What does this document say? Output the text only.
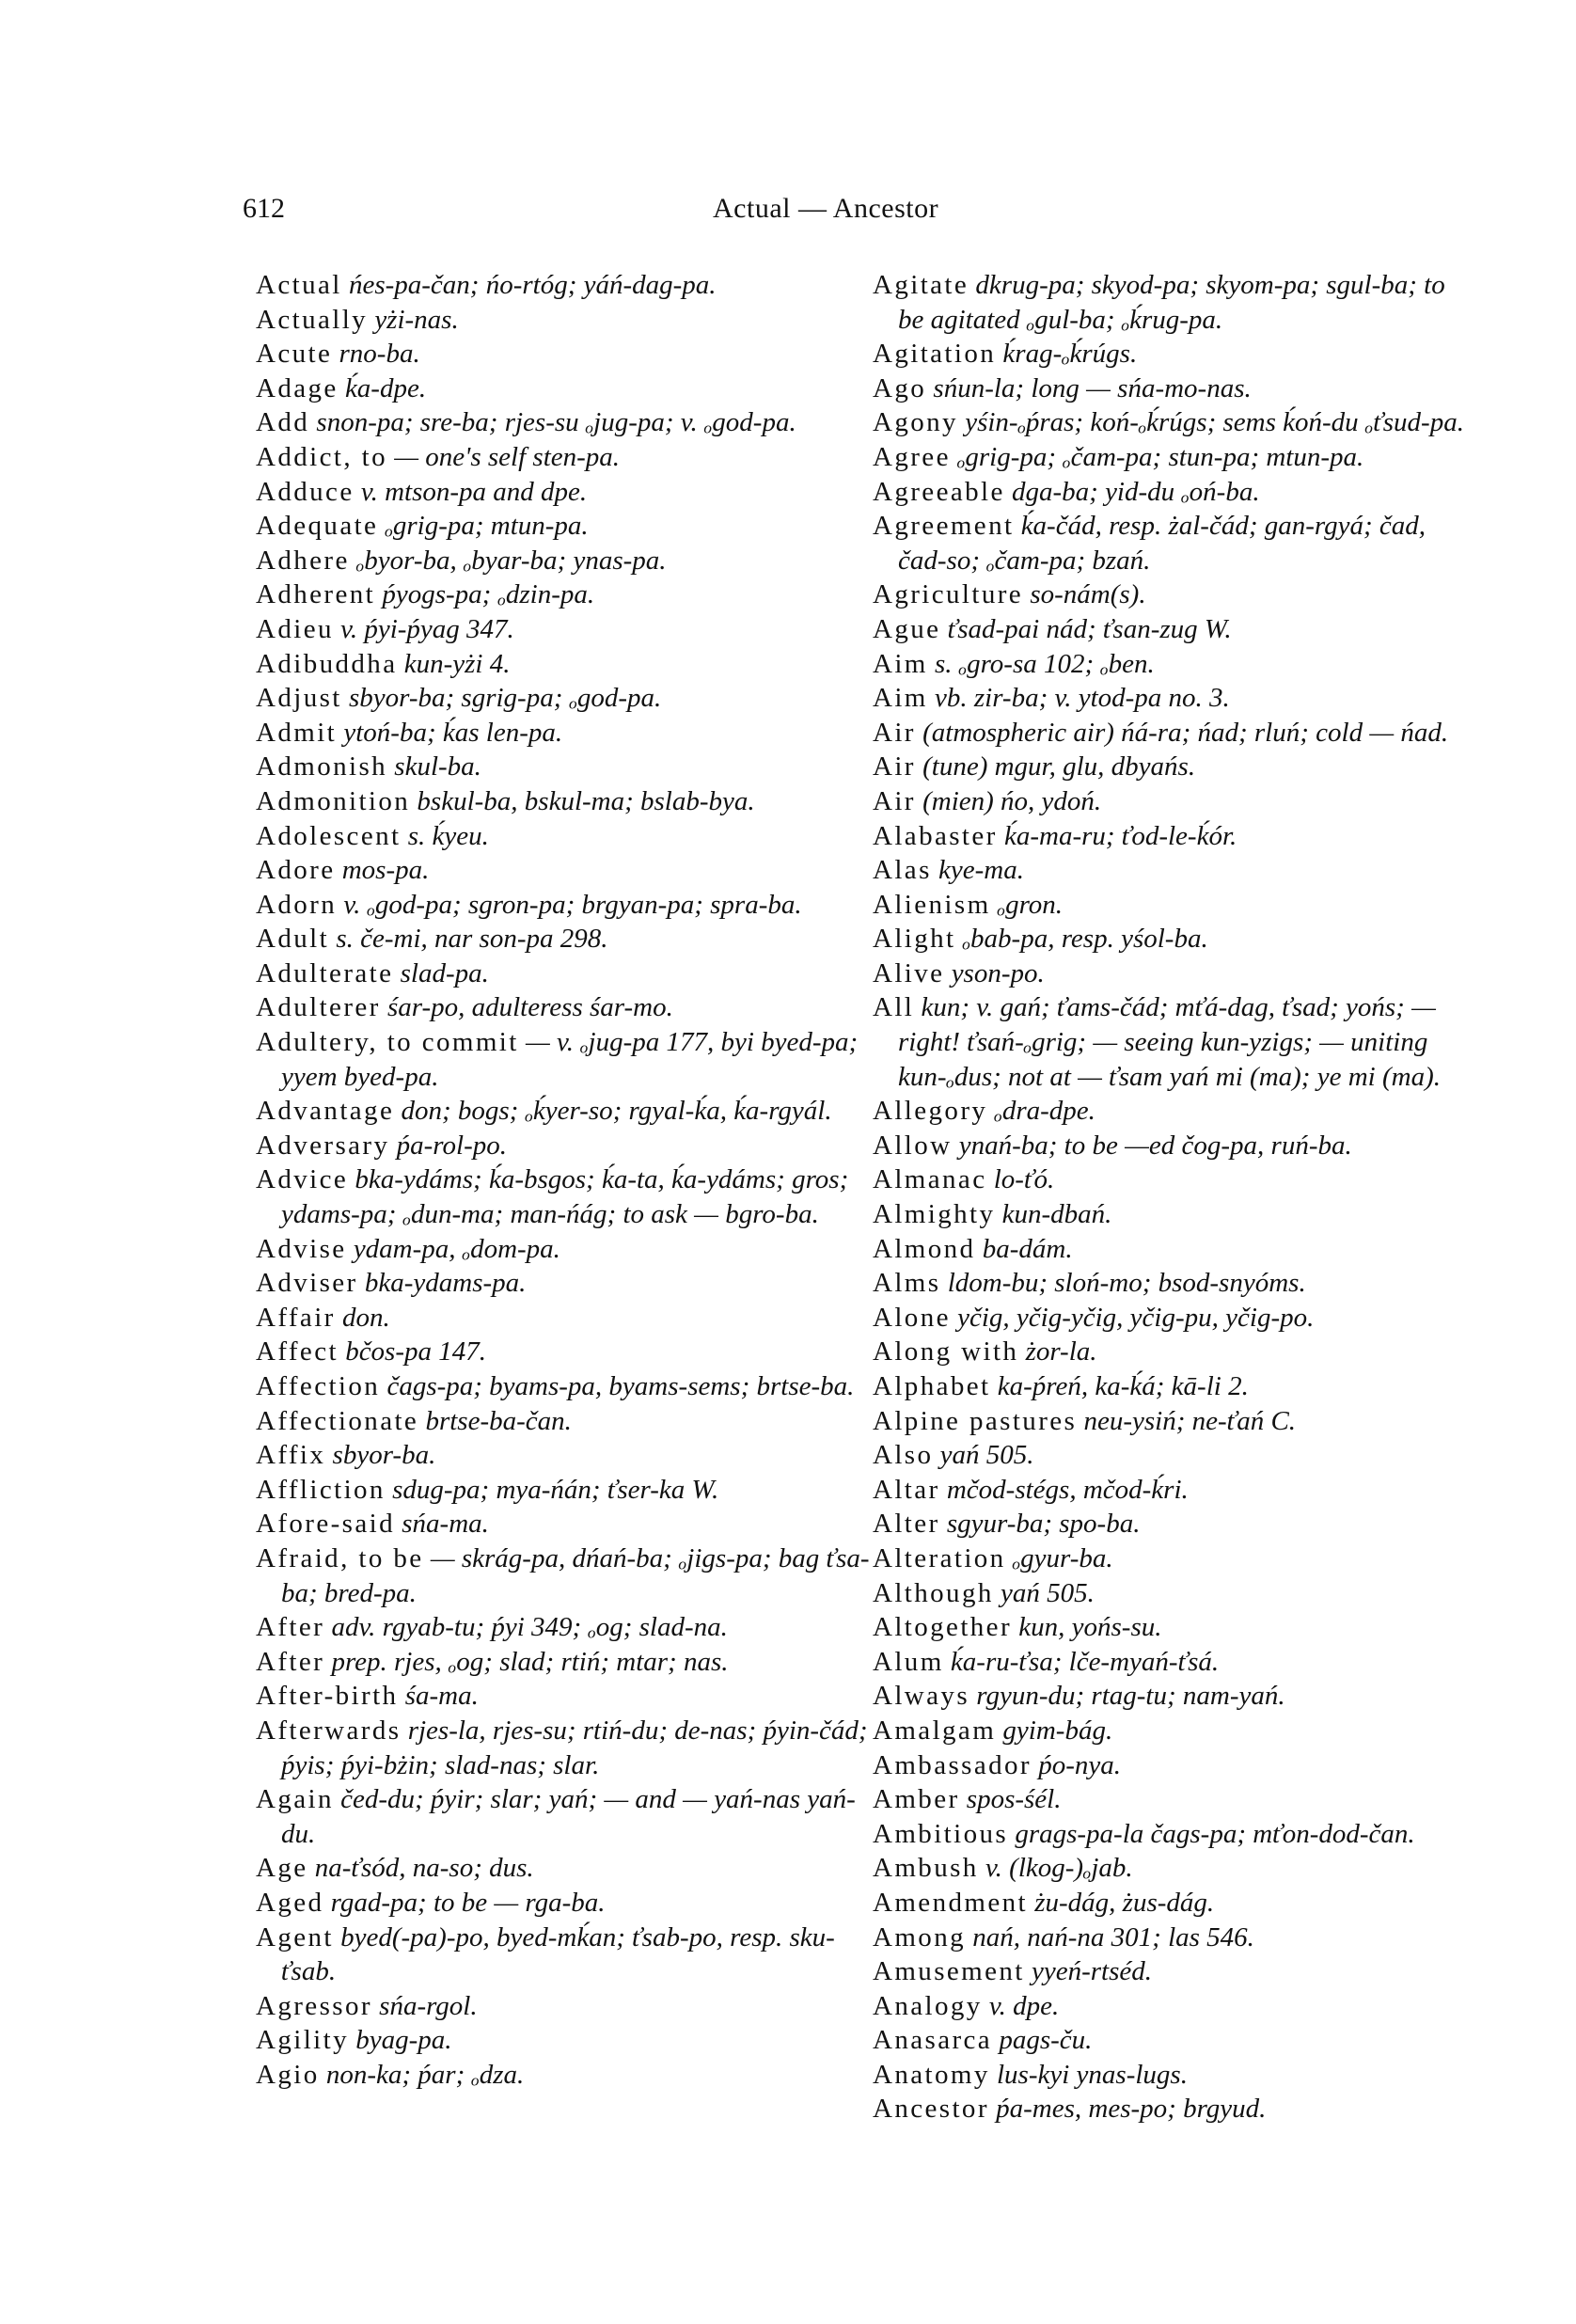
612	Actual — Ancestor

Actual ńes-pa-čan; ńo-rtóg; yáń-dag-pa.

Actually yżi-nas.

Acute rno-ba.

Adage ḱa-dpe.

Add snon-pa; sre-ba; rjes-su ₒjug-pa; v. ₒgod-pa.

Addict, to — one's self sten-pa.

Adduce v. mtson-pa and dpe.

Adequate ₒgrig-pa; mtun-pa.

Adhere ₒbyor-ba, ₒbyar-ba; ynas-pa.

Adherent ṕyogs-pa; ₒdzin-pa.

Adieu v. ṕyi-ṕyag 347.

Adibuddha kun-yżi 4.

Adjust sbyor-ba; sgrig-pa; ₒgod-pa.

Admit ytoń-ba; ḱas len-pa.

Admonish skul-ba.

Admonition bskul-ba, bskul-ma; bslab-bya.

Adolescent s. ḱyeu.

Adore mos-pa.

Adorn v. ₒgod-pa; sgron-pa; brgyan-pa; spra-ba.

Adult s. če-mi, nar son-pa 298.

Adulterate slad-pa.

Adulterer śar-po, adulteress śar-mo.

Adultery, to commit — v. ₒjug-pa 177, byi byed-pa; yyem byed-pa.

Advantage don; bogs; ₒḱyer-so; rgyal-ḱa, ḱa-rgyál.

Adversary ṕa-rol-po.

Advice bka-ydáms; ḱa-bsgos; ḱa-ta, ḱa-ydáms; gros; ydams-pa; ₒdun-ma; man-ńág; to ask — bgro-ba.

Advise ydam-pa, ₒdom-pa.

Adviser bka-ydams-pa.

Affair don.

Affect bčos-pa 147.

Affection čags-pa; byams-pa, byams-sems; brtse-ba.

Affectionate brtse-ba-čan.

Affix sbyor-ba.

Affliction sdug-pa; mya-ńán; ťser-ka W.

Afore-said sńa-ma.

Afraid, to be — skrág-pa, dńań-ba; ₒjigs-pa; bag ťsa-ba; bred-pa.

After adv. rgyab-tu; ṕyi 349; ₒog; slad-na.

After prep. rjes, ₒog; slad; rtiń; mtar; nas.

After-birth śa-ma.

Afterwards rjes-la, rjes-su; rtiń-du; de-nas; ṕyin-čád; ṕyis; ṕyi-bżin; slad-nas; slar.

Again čed-du; ṕyir; slar; yań; — and — yań-nas yań-du.

Age na-ťsód, na-so; dus.

Aged rgad-pa; to be — rga-ba.

Agent byed(-pa)-po, byed-mḱan; ťsab-po, resp. sku-ťsab.

Agressor sńa-rgol.

Agility byag-pa.

Agio non-ka; ṕar; ₒdza.

Agitate dkrug-pa; skyod-pa; skyom-pa; sgul-ba; to be agitated ₒgul-ba; ₒḱrug-pa.

Agitation ḱrag-ₒḱrúgs.

Ago sńun-la; long — sńa-mo-nas.

Agony yśin-ₒṕras; koń-ₒḱrúgs; sems ḱoń-du ₒťsud-pa.

Agree ₒgrig-pa; ₒčam-pa; stun-pa; mtun-pa.

Agreeable dga-ba; yid-du ₒoń-ba.

Agreement ḱa-čád, resp. żal-čád; gan-rgyá; čad, čad-so; ₒčam-pa; bzań.

Agriculture so-nám(s).

Ague ťsad-pai nád; ťsan-zug W.

Aim s. ₒgro-sa 102; ₒben.

Aim vb. zir-ba; v. ytod-pa no. 3.

Air (atmospheric air) ńá-ra; ńad; rluń; cold — ńad.

Air (tune) mgur, glu, dbyańs.

Air (mien) ńo, ydoń.

Alabaster ḱa-ma-ru; ťod-le-ḱór.

Alas kye-ma.

Alienism ₒgron.

Alight ₒbab-pa, resp. yśol-ba.

Alive yson-po.

All kun; v. gań; ťams-čád; mťá-dag, ťsad; yońs; — right! ťsań-ₒgrig; — seeing kun-yzigs; — uniting kun-ₒdus; not at — ťsam yań mi (ma); ye mi (ma).

Allegory ₒdra-dpe.

Allow ynań-ba; to be —ed čog-pa, ruń-ba.

Almanac lo-ťó.

Almighty kun-dbań.

Almond ba-dám.

Alms ldom-bu; sloń-mo; bsod-snyóms.

Alone yčig, yčig-yčig, yčig-pu, yčig-po.

Along with żor-la.

Alphabet ka-ṕreń, ka-ḱá; kā-li 2.

Alpine pastures neu-ysiń; ne-ťań C.

Also yań 505.

Altar mčod-stégs, mčod-ḱri.

Alter sgyur-ba; spo-ba.

Alteration ₒgyur-ba.

Although yań 505.

Altogether kun, yońs-su.

Alum ḱa-ru-ťsa; lče-myań-ťsá.

Always rgyun-du; rtag-tu; nam-yań.

Amalgam gyim-bág.

Ambassador ṕo-nya.

Amber spos-śél.

Ambitious grags-pa-la čags-pa; mťon-dod-čan.

Ambush v. (lkog-)ₒjab.

Amendment żu-dág, żus-dág.

Among nań, nań-na 301; las 546.

Amusement yyeń-rtséd.

Analogy v. dpe.

Anasarca pags-ču.

Anatomy lus-kyi ynas-lugs.

Ancestor ṕa-mes, mes-po; brgyud.
